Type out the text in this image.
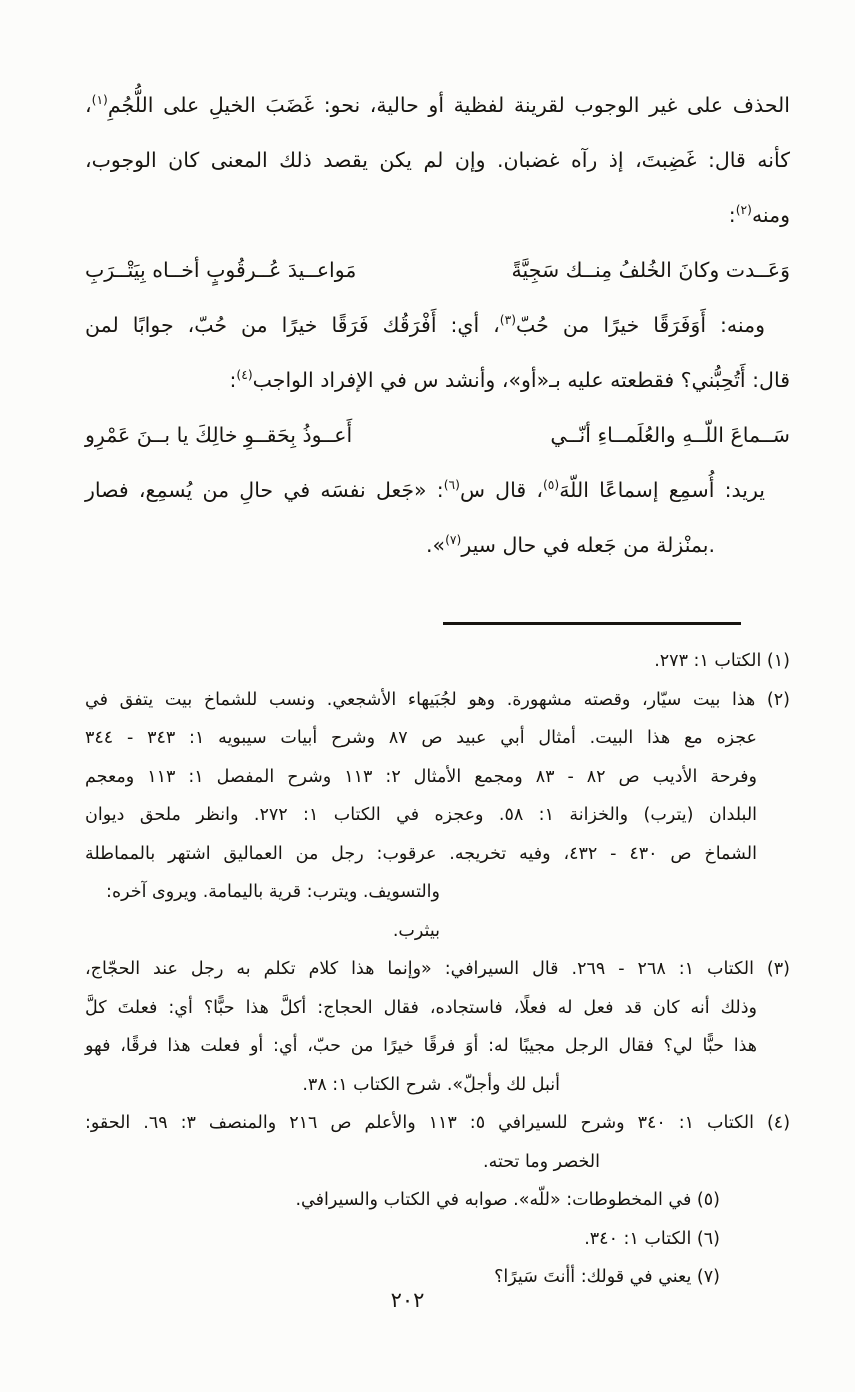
الحذف على غير الوجوب لقرينة لفظية أو حالية، نحو: غَضَبَ الخيلِ على اللُّجُمِ$^{(١)}$،
كأنه قال: غَضِبتَ، إذ رآه غضبان. وإن لم يكن يقصد ذلك المعنى كان الوجوب،
ومنه$^{(٢)}$:
وَعَــدت وكانَ الخُلفُ مِنــك سَجِيَّةً
مَواعــيدَ عُــرقُوبٍ أخــاه بِيَتْــرَبِ
ومنه: أَوَفَرَقًا خيرًا من حُبّ$^{(٣)}$، أي: أَفْرَقُك فَرَقًا خيرًا من حُبّ، جوابًا لمن
قال: أَتُحِبُّني؟ فقطعته عليه بـ«أو»، وأنشد س في الإفراد الواجب$^{(٤)}$:
سَــماعَ اللّــهِ والعُلَمــاءِ أنّــي
أَعــوذُ بِحَقــوِ خالِكَ يا بــنَ عَمْرِو
يريد: أُسمِع إسماعًا اللّهَ$^{(٥)}$، قال س$^{(٦)}$: «جَعل نفسَه في حالِ من يُسمِع، فصار
.بمنْزلة من جَعله في حال سير$^{(٧)}$».
(١) الكتاب ١: ٢٧٣.
(٢) هذا بيت سيّار، وقصته مشهورة. وهو لجُبَيهاء الأشجعي. ونسب للشماخ بيت يتفق في
عجزه مع هذا البيت. أمثال أبي عبيد ص ٨٧ وشرح أبيات سيبويه ١: ٣٤٣ - ٣٤٤
وفرحة الأديب ص ٨٢ - ٨٣ ومجمع الأمثال ٢: ١١٣ وشرح المفصل ١: ١١٣ ومعجم
البلدان (يترب) والخزانة ١: ٥٨. وعجزه في الكتاب ١: ٢٧٢. وانظر ملحق ديوان
الشماخ ص ٤٣٠ - ٤٣٢، وفيه تخريجه. عرقوب: رجل من العماليق اشتهر بالمماطلة
والتسويف. ويترب: قرية باليمامة. ويروى آخره: بيثرب.
(٣) الكتاب ١: ٢٦٨ - ٢٦٩. قال السيرافي: «وإنما هذا كلام تكلم به رجل عند الحجّاج،
وذلك أنه كان قد فعل له فعلًا، فاستجاده، فقال الحجاج: أكلَّ هذا حبًّا؟ أي: فعلتَ كلَّ
هذا حبًّا لي؟ فقال الرجل مجيبًا له: أوَ فرقًا خيرًا من حبّ، أي: أو فعلت هذا فرقًا، فهو
أنبل لك وأجلّ». شرح الكتاب ١: ٣٨.
(٤) الكتاب ١: ٣٤٠ وشرح للسيرافي ٥: ١١٣ والأعلم ص ٢١٦ والمنصف ٣: ٦٩. الحقو:
الخصر وما تحته.
(٥) في المخطوطات: «للّه». صوابه في الكتاب والسيرافي.
(٦) الكتاب ١: ٣٤٠.
(٧) يعني في قولك: أأنتَ سَيرًا؟
٢٠٢
